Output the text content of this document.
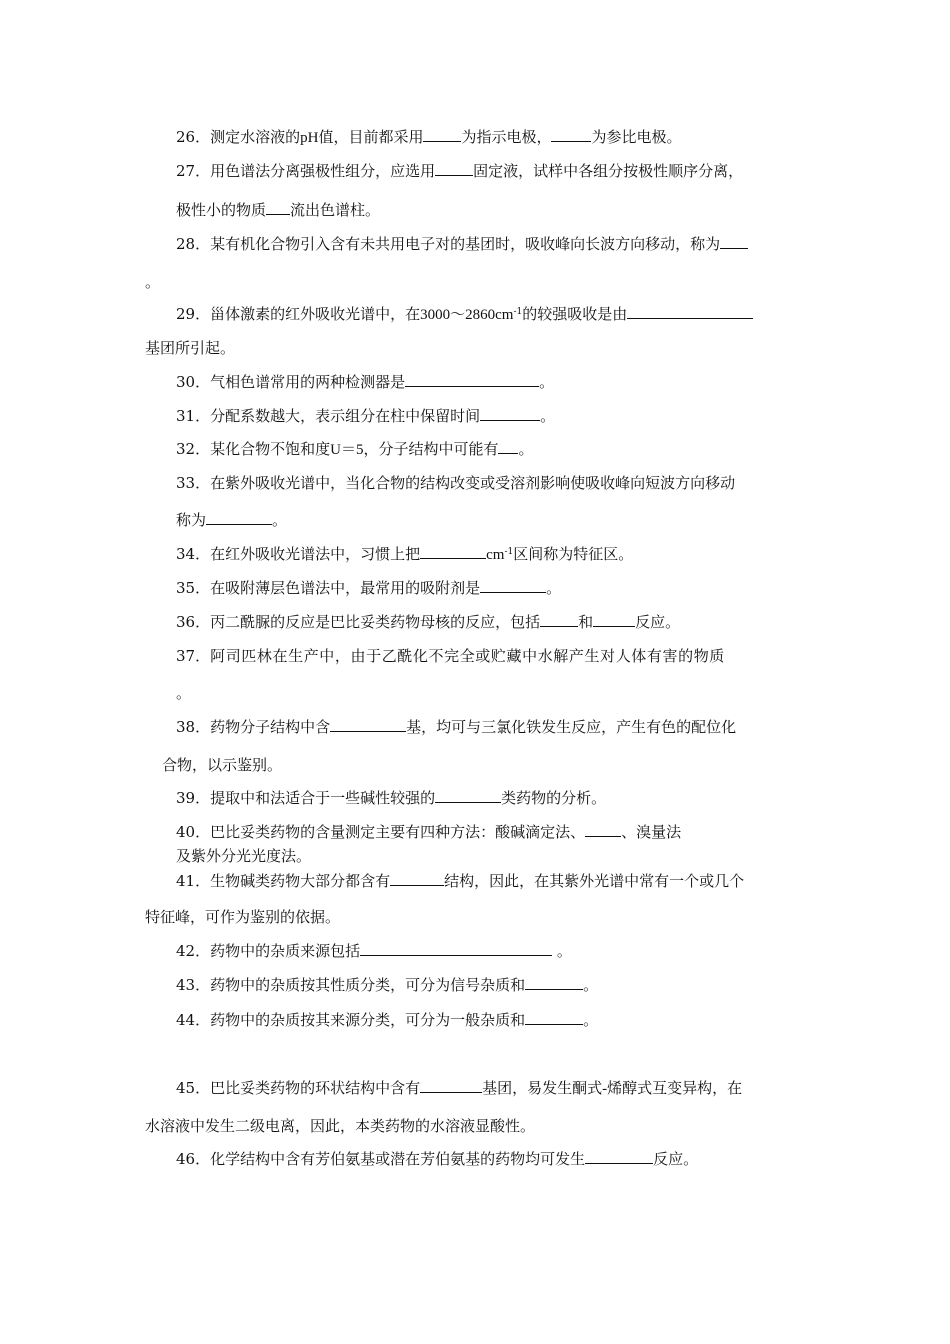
26．测定水溶液的pH值，目前都采用	为指示电极，	为参比电极。
27．用色谱法分离强极性组分，应选用	固定液，试样中各组分按极性顺序分离，
极性小的物质 流出色谱柱。
28．某有机化合物引入含有未共用电子对的基团时，吸收峰向长波方向移动，称为
。
29．甾体激素的红外吸收光谱中，在$3000\sim 2860cm^{-1}$的较强吸收是由
基团所引起。
30．气相色谱常用的两种检测器是	。
31．分配系数越大，表示组分在柱中保留时间	。
32．某化合物不饱和度U＝5，分子结构中可能有 。
33．在紫外吸收光谱中，当化合物的结构改变或受溶剂影响使吸收峰向短波方向移动
称为	。
34．在红外吸收光谱法中，习惯上把	$cm^{-1}$区间称为特征区。
35．在吸附薄层色谱法中，最常用的吸附剂是	。
36．丙二酰脲的反应是巴比妥类药物母核的反应，包括	和	反应。
37．阿司匹林在生产中，由于乙酰化不完全或贮藏中水解产生对人体有害的物质
。
38．药物分子结构中含	基，均可与三氯化铁发生反应，产生有色的配位化
合物，以示鉴别。
39．提取中和法适合于一些碱性较强的	类药物的分析。
40．巴比妥类药物的含量测定主要有四种方法：酸碱滴定法、 、溴量法
及紫外分光光度法。
41．生物碱类药物大部分都含有	结构，因此，在其紫外光谱中常有一个或几个
特征峰，可作为鉴别的依据。
42．药物中的杂质来源包括	。
43．药物中的杂质按其性质分类，可分为信号杂质和	。
44．药物中的杂质按其来源分类，可分为一般杂质和	。
45．巴比妥类药物的环状结构中含有	基团，易发生酮式-烯醇式互变异构，在
水溶液中发生二级电离，因此，本类药物的水溶液显酸性。
46．化学结构中含有芳伯氨基或潜在芳伯氨基的药物均可发生	反应。
